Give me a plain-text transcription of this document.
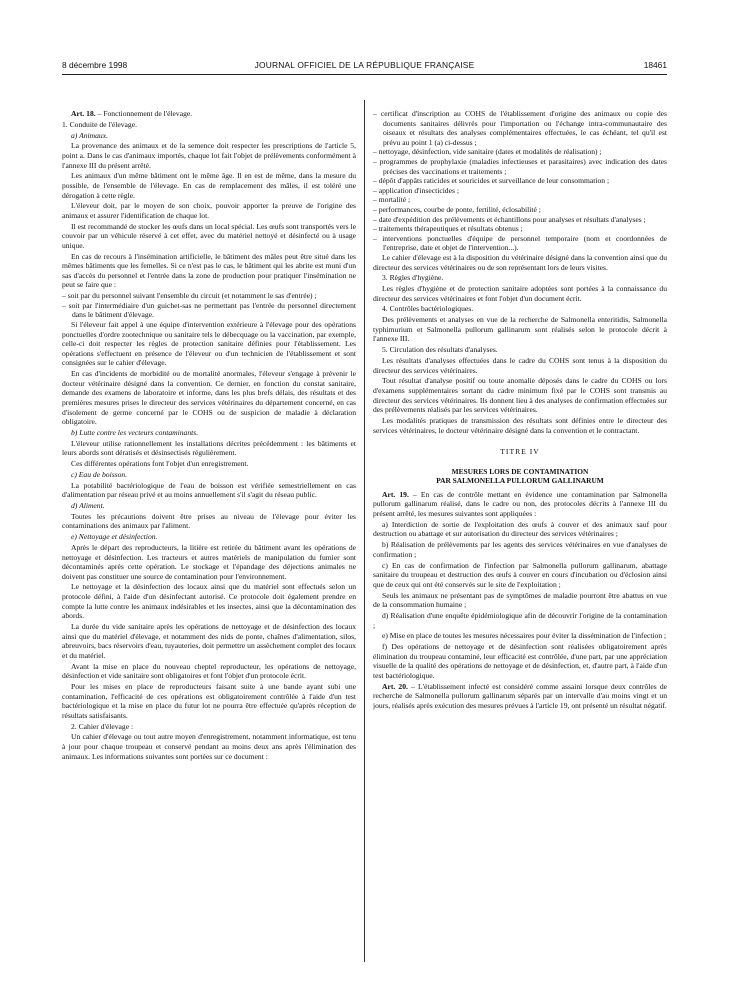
8 décembre 1998	JOURNAL OFFICIEL DE LA RÉPUBLIQUE FRANÇAISE	18461

Art. 18. – Fonctionnement de l'élevage.

1. Conduite de l'élevage.

a) Animaux.

La provenance des animaux et de la semence doit respecter les prescriptions de l'article 5, point a. Dans le cas d'animaux importés, chaque lot fait l'objet de prélèvements conformément à l'annexe III du présent arrêté.

Les animaux d'un même bâtiment ont le même âge. Il en est de même, dans la mesure du possible, de l'ensemble de l'élevage. En cas de remplacement des mâles, il est toléré une dérogation à cette règle.

L'éleveur doit, par le moyen de son choix, pouvoir apporter la preuve de l'origine des animaux et assurer l'identification de chaque lot.

Il est recommandé de stocker les œufs dans un local spécial. Les œufs sont transportés vers le couvoir par un véhicule réservé à cet effet, avec du matériel nettoyé et désinfecté ou à usage unique.

En cas de recours à l'insémination artificielle, le bâtiment des mâles peut être situé dans les mêmes bâtiments que les femelles. Si ce n'est pas le cas, le bâtiment qui les abrite est muni d'un sas d'accès du personnel et l'entrée dans la zone de production pour pratiquer l'insémination ne peut se faire que :

– soit par du personnel suivant l'ensemble du circuit (et notamment le sas d'entrée) ;

– soit par l'intermédiaire d'un guichet-sas ne permettant pas l'entrée du personnel directement dans le bâtiment d'élevage.

Si l'éleveur fait appel à une équipe d'intervention extérieure à l'élevage pour des opérations ponctuelles d'ordre zootechnique ou sanitaire tels le débecquage ou la vaccination, par exemple, celle-ci doit respecter les règles de protection sanitaire définies pour l'établissement. Les opérations s'effectuent en présence de l'éleveur ou d'un technicien de l'établissement et sont consignées sur le cahier d'élevage.

En cas d'incidents de morbidité ou de mortalité anormales, l'éleveur s'engage à prévenir le docteur vétérinaire désigné dans la convention. Ce dernier, en fonction du constat sanitaire, demande des examens de laboratoire et informe, dans les plus brefs délais, des résultats et des premières mesures prises le directeur des services vétérinaires du département concerné, en cas d'isolement de germe concerné par le COHS ou de suspicion de maladie à déclaration obligatoire.

b) Lutte contre les vecteurs contaminants.

L'éleveur utilise rationnellement les installations décrites précédemment : les bâtiments et leurs abords sont dératisés et désinsectisés régulièrement.

Ces différentes opérations font l'objet d'un enregistrement.

c) Eau de boisson.

La potabilité bactériologique de l'eau de boisson est vérifiée semestriellement en cas d'alimentation par réseau privé et au moins annuellement s'il s'agit du réseau public.

d) Aliment.

Toutes les précautions doivent être prises au niveau de l'élevage pour éviter les contaminations des animaux par l'aliment.

e) Nettoyage et désinfection.

Après le départ des reproducteurs, la litière est retirée du bâtiment avant les opérations de nettoyage et désinfection. Les tracteurs et autres matériels de manipulation du fumier sont décontaminés après cette opération. Le stockage et l'épandage des déjections animales ne doivent pas constituer une source de contamination pour l'environnement.

Le nettoyage et la désinfection des locaux ainsi que du matériel sont effectués selon un protocole défini, à l'aide d'un désinfectant autorisé. Ce protocole doit également prendre en compte la lutte contre les animaux indésirables et les insectes, ainsi que la décontamination des abords.

La durée du vide sanitaire après les opérations de nettoyage et de désinfection des locaux ainsi que du matériel d'élevage, et notamment des nids de ponte, chaînes d'alimentation, silos, abreuvoirs, bacs réservoirs d'eau, tuyauteries, doit permettre un assèchement complet des locaux et du matériel.

Avant la mise en place du nouveau cheptel reproducteur, les opérations de nettoyage, désinfection et vide sanitaire sont obligatoires et font l'objet d'un protocole écrit.

Pour les mises en place de reproducteurs faisant suite à une bande ayant subi une contamination, l'efficacité de ces opérations est obligatoirement contrôlée à l'aide d'un test bactériologique et la mise en place du futur lot ne pourra être effectuée qu'après réception de résultats satisfaisants.

2. Cahier d'élevage :

Un cahier d'élevage ou tout autre moyen d'enregistrement, notamment informatique, est tenu à jour pour chaque troupeau et conservé pendant au moins deux ans après l'élimination des animaux. Les informations suivantes sont portées sur ce document :

– certificat d'inscription au COHS de l'établissement d'origine des animaux ou copie des documents sanitaires délivrés pour l'importation ou l'échange intra-communautaire des oiseaux et résultats des analyses complémentaires effectuées, le cas échéant, tel qu'il est prévu au point 1 (a) ci-dessus ;

– nettoyage, désinfection, vide sanitaire (dates et modalités de réalisation) ;

– programmes de prophylaxie (maladies infectieuses et parasitaires) avec indication des dates précises des vaccinations et traitements ;

– dépôt d'appâts raticides et souricides et surveillance de leur consommation ;

– application d'insecticides ;

– mortalité ;

– performances, courbe de ponte, fertilité, éclosabilité ;

– date d'expédition des prélèvements et échantillons pour analyses et résultats d'analyses ;

– traitements thérapeutiques et résultats obtenus ;

– interventions ponctuelles d'équipe de personnel temporaire (nom et coordonnées de l'entreprise, date et objet de l'intervention...).

Le cahier d'élevage est à la disposition du vétérinaire désigné dans la convention ainsi que du directeur des services vétérinaires ou de son représentant lors de leurs visites.

3. Règles d'hygiène.

Les règles d'hygiène et de protection sanitaire adoptées sont portées à la connaissance du directeur des services vétérinaires et font l'objet d'un document écrit.

4. Contrôles bactériologiques.

Des prélèvements et analyses en vue de la recherche de Salmonella enteritidis, Salmonella typhimurium et Salmonella pullorum gallinarum sont réalisés selon le protocole décrit à l'annexe III.

5. Circulation des résultats d'analyses.

Les résultats d'analyses effectuées dans le cadre du COHS sont tenus à la disposition du directeur des services vétérinaires.

Tout résultat d'analyse positif ou toute anomalie déposés dans le cadre du COHS ou lors d'examens supplémentaires sortant du cadre minimum fixé par le COHS sont transmis au directeur des services vétérinaires. Ils donnent lieu à des analyses de confirmation effectuées sur des prélèvements réalisés par les services vétérinaires.

Les modalités pratiques de transmission des résultats sont définies entre le directeur des services vétérinaires, le docteur vétérinaire désigné dans la convention et le contractant.

TITRE IV

MESURES LORS DE CONTAMINATION

PAR SALMONELLA PULLORUM GALLINARUM

Art. 19. – En cas de contrôle mettant en évidence une contamination par Salmonella pullorum gallinarum réalisé, dans le cadre ou non, des protocoles décrits à l'annexe III du présent arrêté, les mesures suivantes sont appliquées :

a) Interdiction de sortie de l'exploitation des œufs à couver et des animaux sauf pour destruction ou abattage et sur autorisation du directeur des services vétérinaires ;

b) Réalisation de prélèvements par les agents des services vétérinaires en vue d'analyses de confirmation ;

c) En cas de confirmation de l'infection par Salmonella pullorum gallinarum, abattage sanitaire du troupeau et destruction des œufs à couver en cours d'incubation ou d'éclosion ainsi que de ceux qui ont été conservés sur le site de l'exploitation ;

Seuls les animaux ne présentant pas de symptômes de maladie pourront être abattus en vue de la consommation humaine ;

d) Réalisation d'une enquête épidémiologique afin de découvrir l'origine de la contamination ;

e) Mise en place de toutes les mesures nécessaires pour éviter la dissémination de l'infection ;

f) Des opérations de nettoyage et de désinfection sont réalisées obligatoirement après élimination du troupeau contaminé, leur efficacité est contrôlée, d'une part, par une appréciation visuelle de la qualité des opérations de nettoyage et de désinfection, et, d'autre part, à l'aide d'un test bactériologique.

Art. 20. – L'établissement infecté est considéré comme assaini lorsque deux contrôles de recherche de Salmonella pullorum gallinarum séparés par un intervalle d'au moins vingt et un jours, réalisés après exécution des mesures prévues à l'article 19, ont présenté un résultat négatif.
